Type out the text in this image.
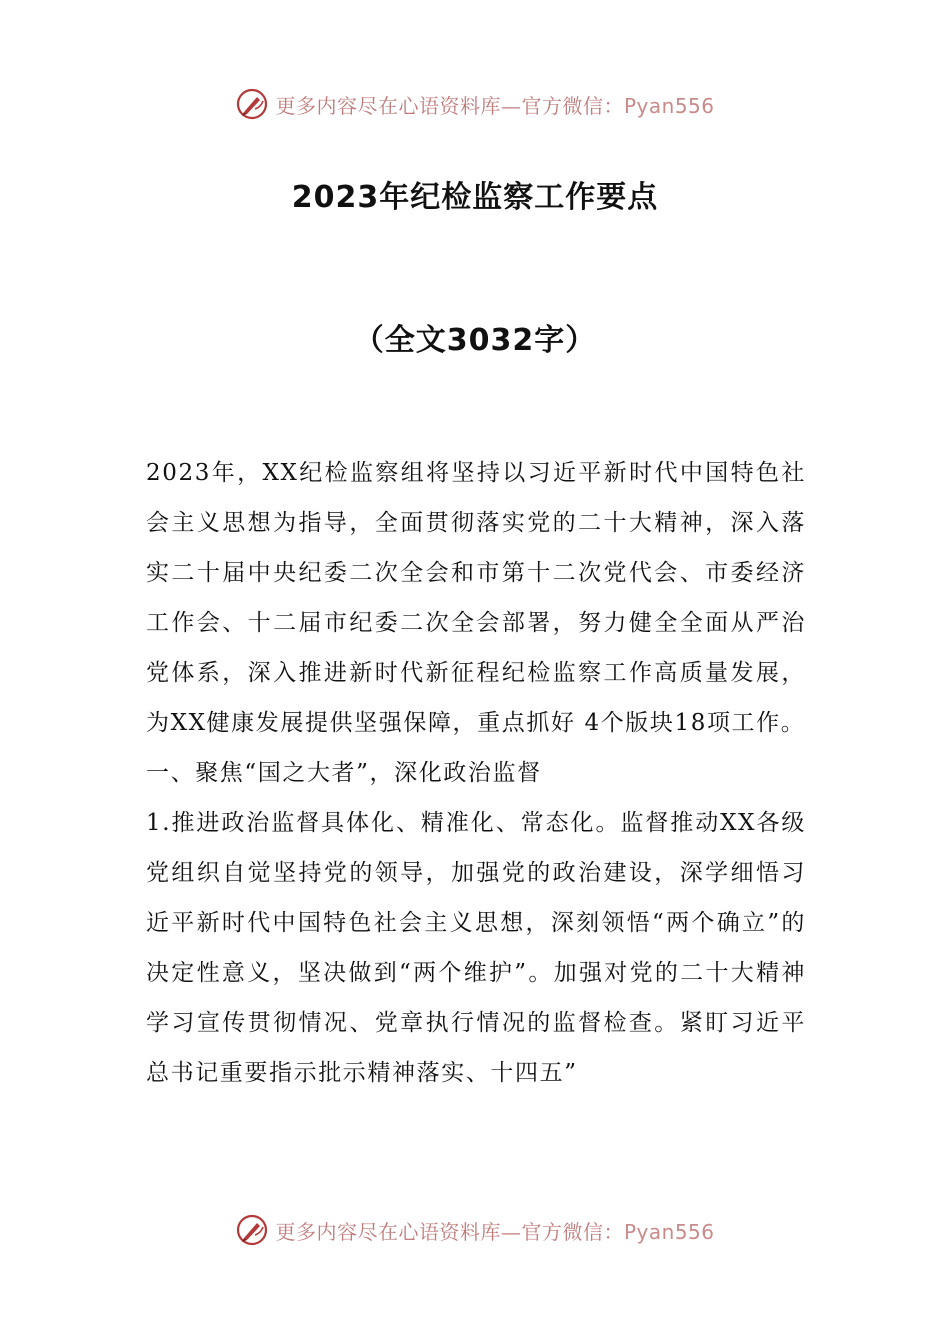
更多内容尽在心语资料库—官方微信：Pyan556
2023年纪检监察工作要点
（全文3032字）

2023年，XX纪检监察组将坚持以习近平新时代中国特色社会主义思想为指导，全面贯彻落实党的二十大精神，深入落实二十届中央纪委二次全会和市第十二次党代会、市委经济工作会、十二届市纪委二次全会部署，努力健全全面从严治党体系，深入推进新时代新征程纪检监察工作高质量发展，为XX健康发展提供坚强保障，重点抓好 4个版块18项工作。

一、聚焦“国之大者”，深化政治监督

1.推进政治监督具体化、精准化、常态化。监督推动XX各级党组织自觉坚持党的领导，加强党的政治建设，深学细悟习近平新时代中国特色社会主义思想，深刻领悟“两个确立”的决定性意义，坚决做到“两个维护”。加强对党的二十大精神学习宣传贯彻情况、党章执行情况的监督检查。紧盯习近平总书记重要指示批示精神落实、十四五”

更多内容尽在心语资料库—官方微信：Pyan556
